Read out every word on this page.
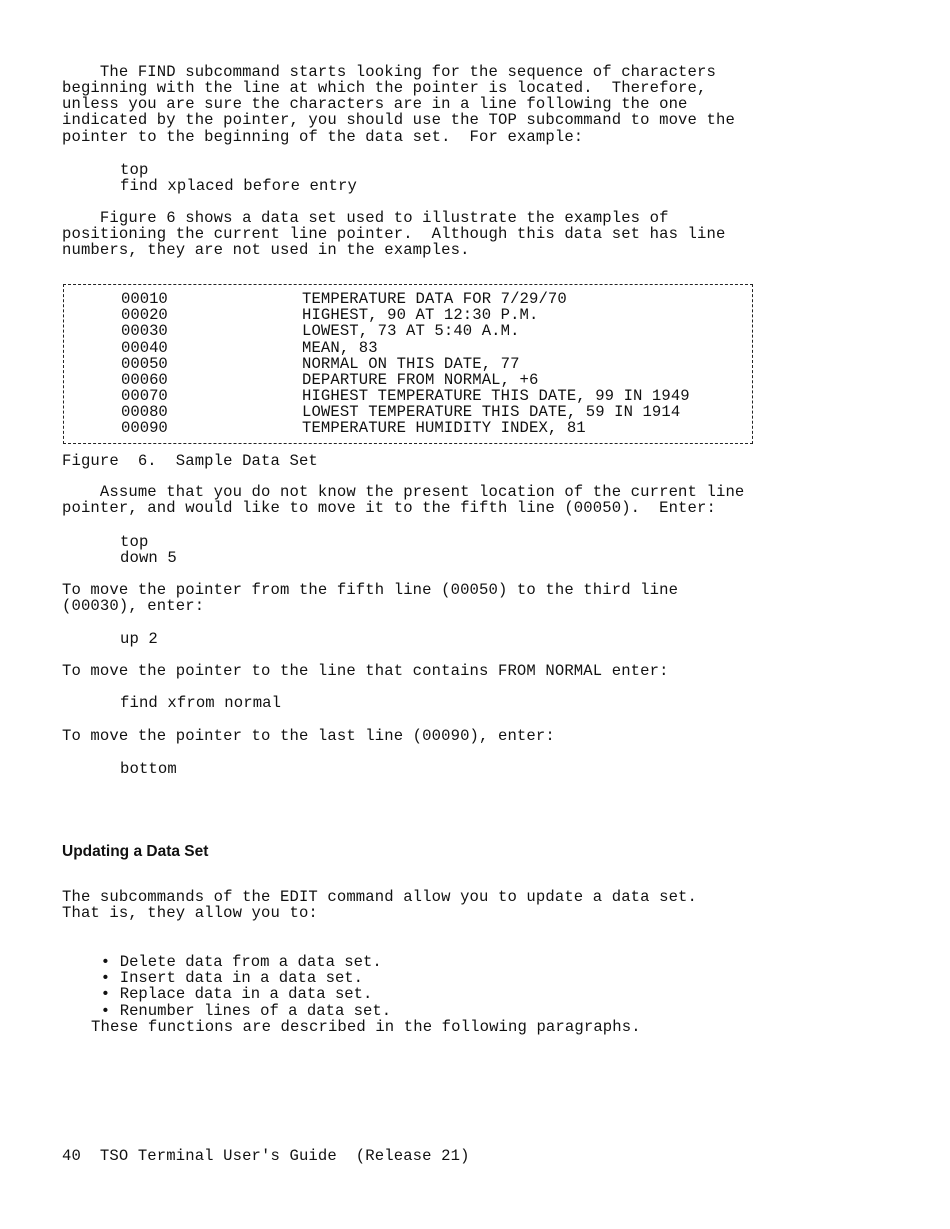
The FIND subcommand starts looking for the sequence of characters

beginning with the line at which the pointer is located.  Therefore,

unless you are sure the characters are in a line following the one

indicated by the pointer, you should use the TOP subcommand to move the

pointer to the beginning of the data set.  For example:

top

find xplaced before entry

Figure 6 shows a data set used to illustrate the examples of

positioning the current line pointer.  Although this data set has line

numbers, they are not used in the examples.

00010	TEMPERATURE DATA FOR 7/29/70
00020	HIGHEST, 90 AT 12:30 P.M.
00030	LOWEST, 73 AT 5:40 A.M.
00040	MEAN, 83
00050	NORMAL ON THIS DATE, 77
00060	DEPARTURE FROM NORMAL, +6
00070	HIGHEST TEMPERATURE THIS DATE, 99 IN 1949
00080	LOWEST TEMPERATURE THIS DATE, 59 IN 1914
00090	TEMPERATURE HUMIDITY INDEX, 81

Figure  6.  Sample Data Set

Assume that you do not know the present location of the current line

pointer, and would like to move it to the fifth line (00050).  Enter:

top

down 5

To move the pointer from the fifth line (00050) to the third line

(00030), enter:

up 2

To move the pointer to the line that contains FROM NORMAL enter:

find xfrom normal

To move the pointer to the last line (00090), enter:

bottom

Updating a Data Set

The subcommands of the EDIT command allow you to update a data set.

That is, they allow you to:

• Delete data from a data set.

• Insert data in a data set.

• Replace data in a data set.

• Renumber lines of a data set.

These functions are described in the following paragraphs.

40  TSO Terminal User's Guide  (Release 21)
